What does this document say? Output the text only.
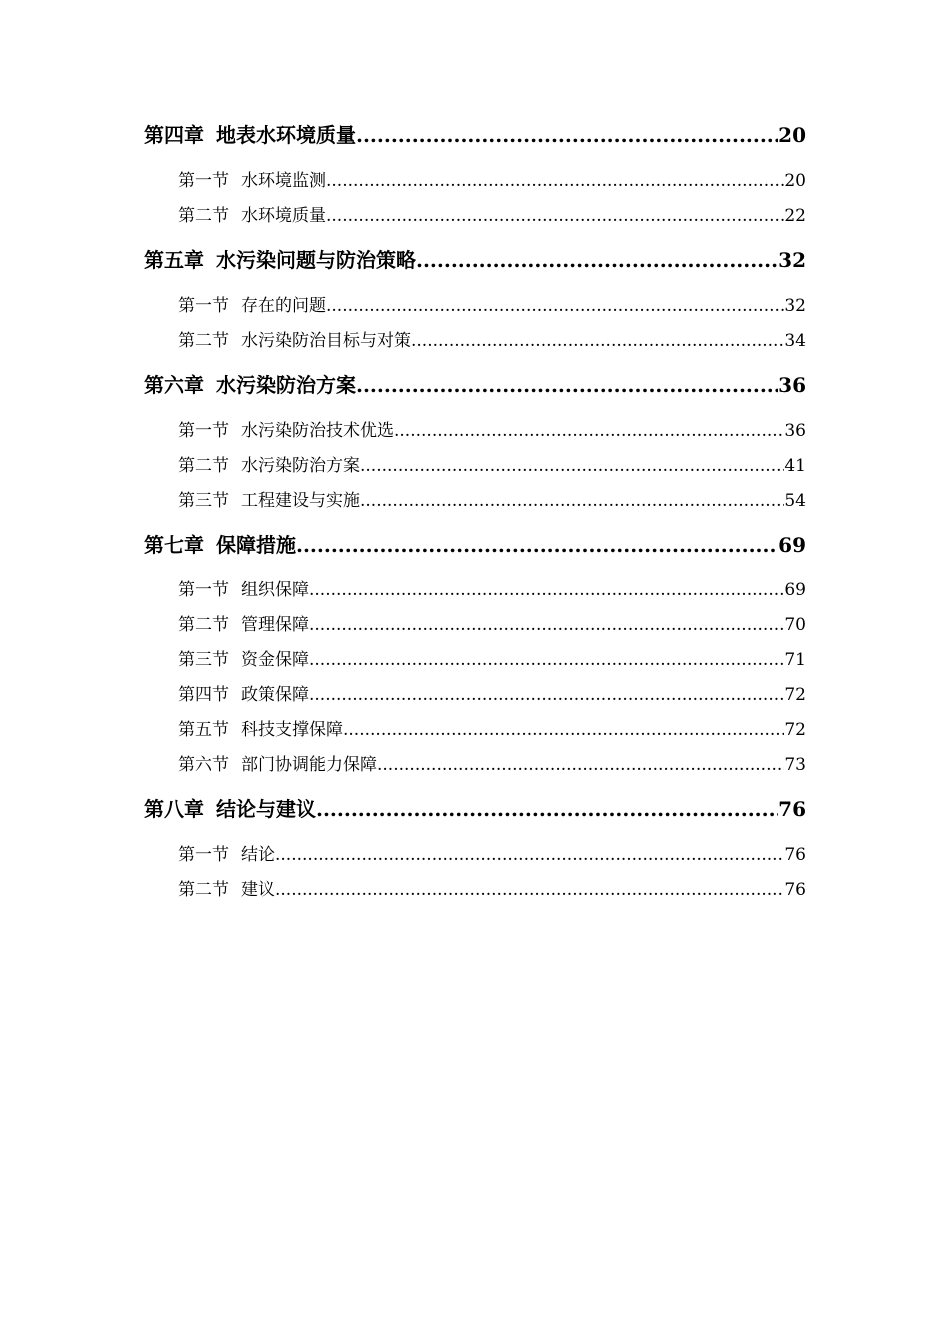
第四章 地表水环境质量 .....	20
第一节 水环境监测 .....	20
第二节 水环境质量 .....	22
第五章 水污染问题与防治策略 .....	32
第一节 存在的问题 .....	32
第二节 水污染防治目标与对策 .....	34
第六章 水污染防治方案 .....	36
第一节 水污染防治技术优选 .....	36
第二节 水污染防治方案 .....	41
第三节 工程建设与实施 .....	54
第七章 保障措施 .....	69
第一节 组织保障 .....	69
第二节 管理保障 .....	70
第三节 资金保障 .....	71
第四节 政策保障 .....	72
第五节 科技支撑保障 .....	72
第六节 部门协调能力保障 .....	73
第八章 结论与建议 .....	76
第一节 结论 .....	76
第二节 建议 .....	76
